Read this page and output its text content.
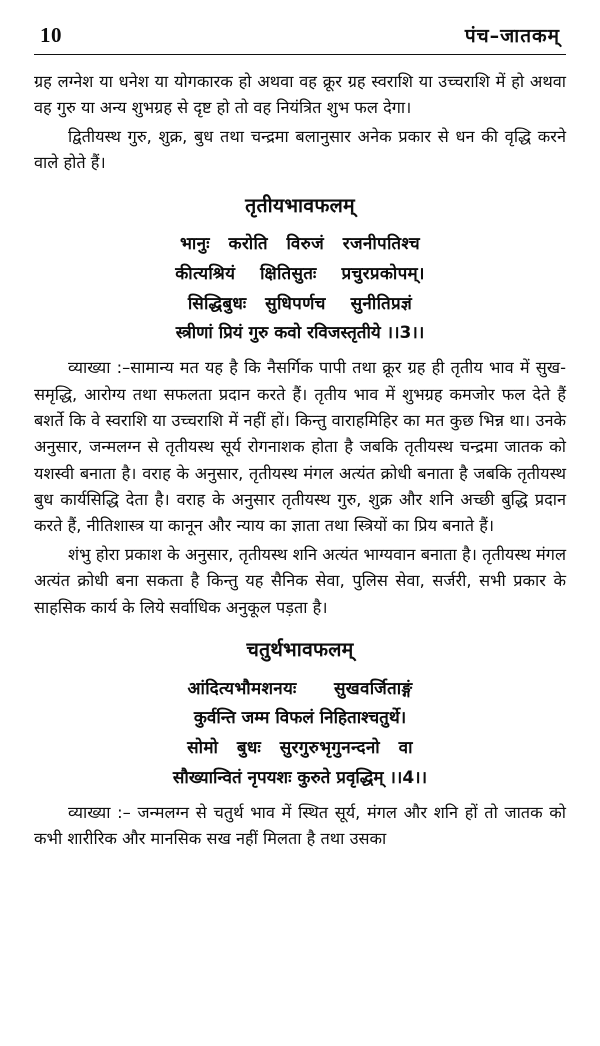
10	पंच–जातकम्

ग्रह लग्नेश या धनेश या योगकारक हो अथवा वह क्रूर ग्रह स्वराशि या उच्चराशि में हो अथवा वह गुरु या अन्य शुभग्रह से दृष्ट हो तो वह नियंत्रित शुभ फल देगा।

द्वितीयस्थ गुरु, शुक्र, बुध तथा चन्द्रमा बलानुसार अनेक प्रकार से धन की वृद्धि करने वाले होते हैं।

तृतीयभावफलम्
भानुः   करोति   विरुजं   रजनीपतिश्च
कीत्यश्रियं    क्षितिसुतः    प्रचुरप्रकोपम्।
सिद्धिबुधः   सुधिपर्णच    सुनीतिप्रज्ञं
स्त्रीणां प्रियं गुरु कवो रविजस्तृतीये ।।3।।

व्याख्या :–सामान्य मत यह है कि नैसर्गिक पापी तथा क्रूर ग्रह ही तृतीय भाव में सुख-समृद्धि, आरोग्य तथा सफलता प्रदान करते हैं। तृतीय भाव में शुभग्रह कमजोर फल देते हैं बशर्ते कि वे स्वराशि या उच्चराशि में नहीं हों। किन्तु वाराहमिहिर का मत कुछ भिन्न था। उनके अनुसार, जन्मलग्न से तृतीयस्थ सूर्य रोगनाशक होता है जबकि तृतीयस्थ चन्द्रमा जातक को यशस्वी बनाता है। वराह के अनुसार, तृतीयस्थ मंगल अत्यंत क्रोधी बनाता है जबकि तृतीयस्थ बुध कार्यसिद्धि देता है। वराह के अनुसार तृतीयस्थ गुरु, शुक्र और शनि अच्छी बुद्धि प्रदान करते हैं, नीतिशास्त्र या कानून और न्याय का ज्ञाता तथा स्त्रियों का प्रिय बनाते हैं।

शंभु होरा प्रकाश के अनुसार, तृतीयस्थ शनि अत्यंत भाग्यवान बनाता है। तृतीयस्थ मंगल अत्यंत क्रोधी बना सकता है किन्तु यह सैनिक सेवा, पुलिस सेवा, सर्जरी, सभी प्रकार के साहसिक कार्य के लिये सर्वाधिक अनुकूल पड़ता है।

चतुर्थभावफलम्
आंदित्यभौमशनयः      सुखवर्जिताङ्गं
कुर्वन्ति जम्म विफलं निहिताश्चतुर्थे।
सोमो   बुधः   सुरगुरुभृगुनन्दनो   वा
सौख्यान्वितं नृपयशः कुरुते प्रवृद्धिम् ।।4।।

व्याख्या :– जन्मलग्न से चतुर्थ भाव में स्थित सूर्य, मंगल और शनि हों तो जातक को कभी शारीरिक और मानसिक सख नहीं मिलता है तथा उसका
